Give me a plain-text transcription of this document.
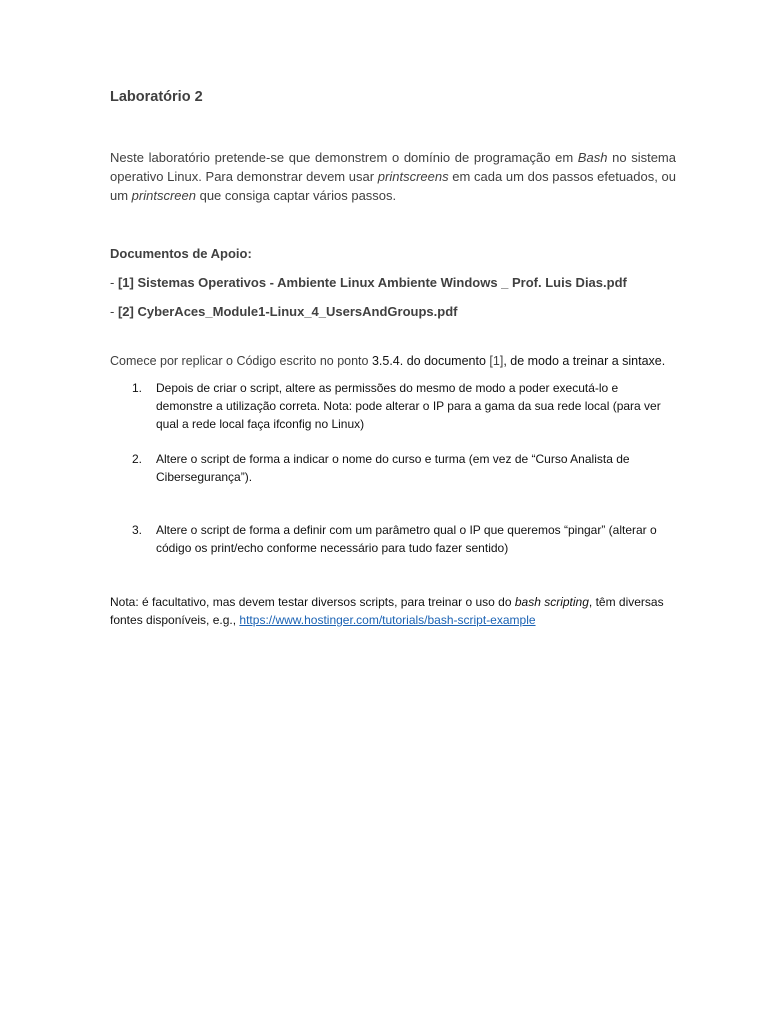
Laboratório 2

Neste laboratório pretende-se que demonstrem o domínio de programação em Bash no sistema operativo Linux. Para demonstrar devem usar printscreens em cada um dos passos efetuados, ou um printscreen que consiga captar vários passos.

Documentos de Apoio:
- [1] Sistemas Operativos - Ambiente Linux Ambiente Windows _ Prof. Luis Dias.pdf
- [2] CyberAces_Module1-Linux_4_UsersAndGroups.pdf
Comece por replicar o Código escrito no ponto 3.5.4. do documento [1], de modo a treinar a sintaxe.
1. Depois de criar o script, altere as permissões do mesmo de modo a poder executá-lo e demonstre a utilização correta. Nota: pode alterar o IP para a gama da sua rede local (para ver qual a rede local faça ifconfig no Linux)
2. Altere o script de forma a indicar o nome do curso e turma (em vez de “Curso Analista de Cibersegurança”).
3. Altere o script de forma a definir com um parâmetro qual o IP que queremos “pingar” (alterar o código os print/echo conforme necessário para tudo fazer sentido)
Nota: é facultativo, mas devem testar diversos scripts, para treinar o uso do bash scripting, têm diversas fontes disponíveis, e.g., https://www.hostinger.com/tutorials/bash-script-example
